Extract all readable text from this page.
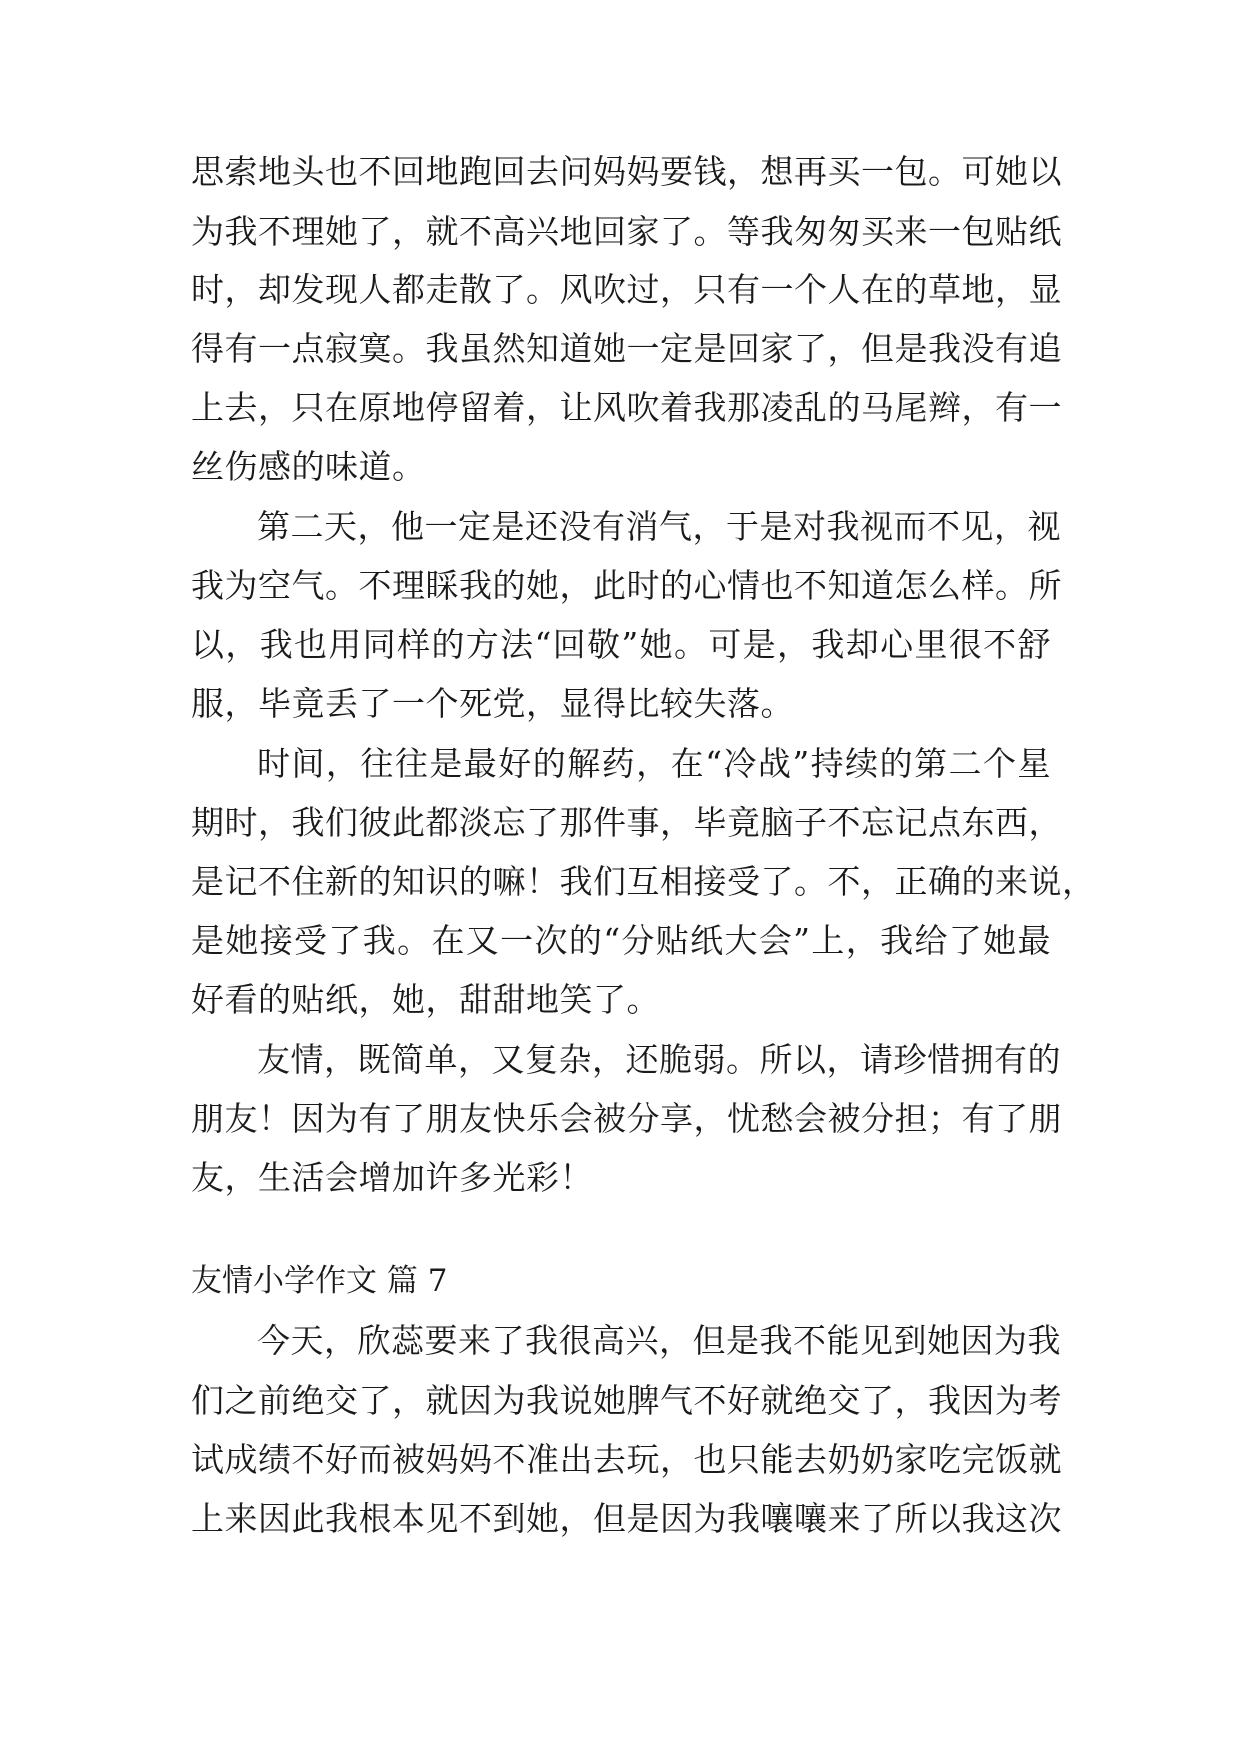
思索地头也不回地跑回去问妈妈要钱，想再买一包。可她以
为我不理她了，就不高兴地回家了。等我匆匆买来一包贴纸
时，却发现人都走散了。风吹过，只有一个人在的草地，显
得有一点寂寞。我虽然知道她一定是回家了，但是我没有追
上去，只在原地停留着，让风吹着我那凌乱的马尾辫，有一
丝伤感的味道。
第二天，他一定是还没有消气，于是对我视而不见，视
我为空气。不理睬我的她，此时的心情也不知道怎么样。所
以，我也用同样的方法“回敬”她。可是，我却心里很不舒
服，毕竟丢了一个死党，显得比较失落。
时间，往往是最好的解药，在“冷战”持续的第二个星
期时，我们彼此都淡忘了那件事，毕竟脑子不忘记点东西，
是记不住新的知识的嘛！我们互相接受了。不，正确的来说，
是她接受了我。在又一次的“分贴纸大会”上，我给了她最
好看的贴纸，她，甜甜地笑了。
友情，既简单，又复杂，还脆弱。所以，请珍惜拥有的
朋友！因为有了朋友快乐会被分享，忧愁会被分担；有了朋
友，生活会增加许多光彩！
友情小学作文 篇 7
今天，欣蕊要来了我很高兴，但是我不能见到她因为我
们之前绝交了，就因为我说她脾气不好就绝交了，我因为考
试成绩不好而被妈妈不准出去玩，也只能去奶奶家吃完饭就
上来因此我根本见不到她，但是因为我嚷嚷来了所以我这次
